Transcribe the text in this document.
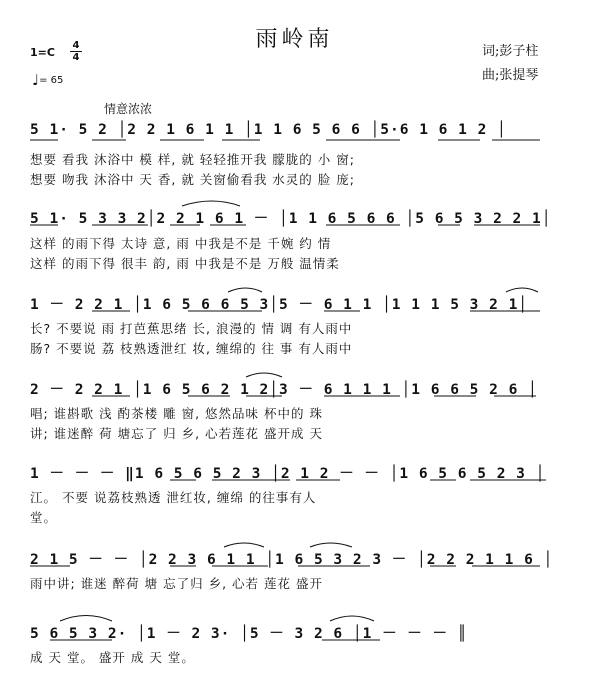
雨岭南
1=C
4
4
♩= 65
词;彭子柱
曲;张提琴
情意浓浓
5 1· 5 2 │2 2 1 6 1 1 │1 1 6 5 6 6 │5·6 1 6 1 2 │
想要 看我 沐浴中 模 样, 就 轻轻推开我 朦胧的 小 窗;
想要 吻我 沐浴中 天 香, 就 关窗偷看我 水灵的 脸 庞;
5 1· 5 3 3 2│2 2 1 6 1 － │1 1 6 5 6 6 │5 6 5 3 2 2 1│
这样 的雨下得 太诗 意, 雨 中我是不是 千婉 约 情
这样 的雨下得 很丰 韵, 雨 中我是不是 万般 温情柔
1 － 2 2 1 │1 6 5 6 6 5 3│5 － 6 1 1 │1 1 1 5 3 2 1│
长? 不要说 雨 打芭蕉思绪 长, 浪漫的 情 调 有人雨中
肠? 不要说 荔 枝熟透泄红 妆, 缠绵的 往 事 有人雨中
2 － 2 2 1 │1 6 5 6 2 1 2│3 － 6 1 1 1 │1 6 6 5 2 6 │
唱; 谁斟歌 浅 酌茶楼 雕 窗, 悠然品味 杯中的 珠
讲; 谁迷醉 荷 塘忘了 归 乡, 心若莲花 盛开成 天
1 － － － ‖1 6 5 6 5 2 3 │2 1 2 － － │1 6 5 6 5 2 3 │
江。 不要 说荔枝熟透 泄红妆, 缠绵 的往事有人
堂。
2 1 5 － － │2 2 3 6 1 1 │1 6 5 3 2 3 － │2 2 2 1 1 6 │
雨中讲; 谁迷 醉荷 塘 忘了归 乡, 心若 莲花 盛开
5 6 5 3 2· │1 － 2 3· │5 － 3 2 6 │1 － － － ║
成 天 堂。 盛开 成 天 堂。
